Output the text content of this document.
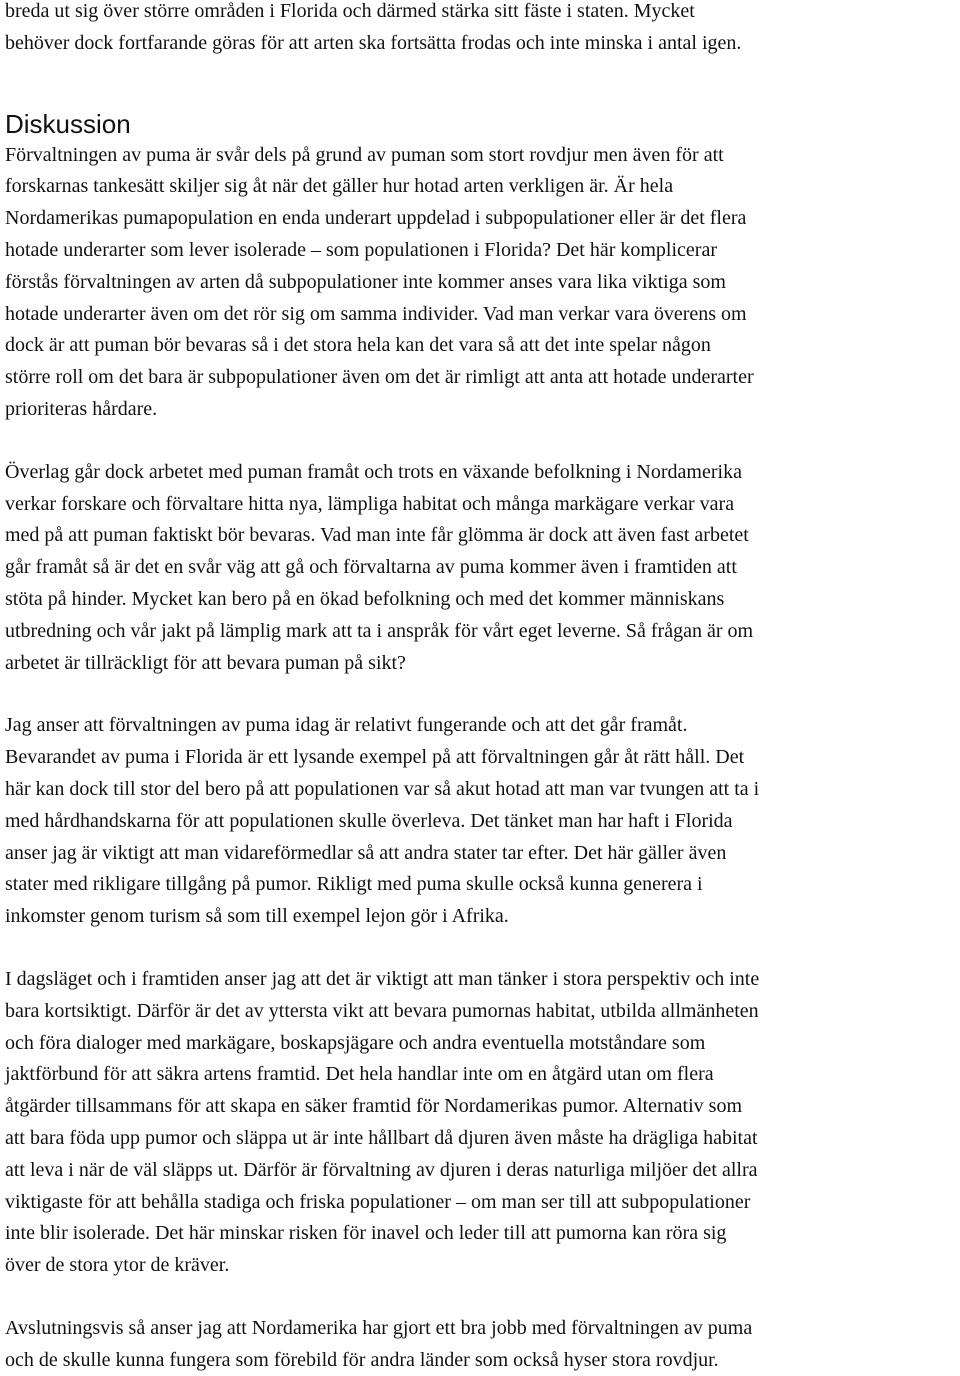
breda ut sig över större områden i Florida och därmed stärka sitt fäste i staten. Mycket
behöver dock fortfarande göras för att arten ska fortsätta frodas och inte minska i antal igen.
Diskussion
Förvaltningen av puma är svår dels på grund av puman som stort rovdjur men även för att
forskarnas tankesätt skiljer sig åt när det gäller hur hotad arten verkligen är. Är hela
Nordamerikas pumapopulation en enda underart uppdelad i subpopulationer eller är det flera
hotade underarter som lever isolerade – som populationen i Florida? Det här komplicerar
förstås förvaltningen av arten då subpopulationer inte kommer anses vara lika viktiga som
hotade underarter även om det rör sig om samma individer. Vad man verkar vara överens om
dock är att puman bör bevaras så i det stora hela kan det vara så att det inte spelar någon
större roll om det bara är subpopulationer även om det är rimligt att anta att hotade underarter
prioriteras hårdare.
Överlag går dock arbetet med puman framåt och trots en växande befolkning i Nordamerika
verkar forskare och förvaltare hitta nya, lämpliga habitat och många markägare verkar vara
med på att puman faktiskt bör bevaras. Vad man inte får glömma är dock att även fast arbetet
går framåt så är det en svår väg att gå och förvaltarna av puma kommer även i framtiden att
stöta på hinder. Mycket kan bero på en ökad befolkning och med det kommer människans
utbredning och vår jakt på lämplig mark att ta i anspråk för vårt eget leverne. Så frågan är om
arbetet är tillräckligt för att bevara puman på sikt?
Jag anser att förvaltningen av puma idag är relativt fungerande och att det går framåt.
Bevarandet av puma i Florida är ett lysande exempel på att förvaltningen går åt rätt håll. Det
här kan dock till stor del bero på att populationen var så akut hotad att man var tvungen att ta i
med hårdhandskarna för att populationen skulle överleva. Det tänket man har haft i Florida
anser jag är viktigt att man vidareförmedlar så att andra stater tar efter. Det här gäller även
stater med rikligare tillgång på pumor. Rikligt med puma skulle också kunna generera i
inkomster genom turism så som till exempel lejon gör i Afrika.
I dagsläget och i framtiden anser jag att det är viktigt att man tänker i stora perspektiv och inte
bara kortsiktigt. Därför är det av yttersta vikt att bevara pumornas habitat, utbilda allmänheten
och föra dialoger med markägare, boskapsjägare och andra eventuella motståndare som
jaktförbund för att säkra artens framtid. Det hela handlar inte om en åtgärd utan om flera
åtgärder tillsammans för att skapa en säker framtid för Nordamerikas pumor. Alternativ som
att bara föda upp pumor och släppa ut är inte hållbart då djuren även måste ha drägliga habitat
att leva i när de väl släpps ut. Därför är förvaltning av djuren i deras naturliga miljöer det allra
viktigaste för att behålla stadiga och friska populationer – om man ser till att subpopulationer
inte blir isolerade. Det här minskar risken för inavel och leder till att pumorna kan röra sig
över de stora ytor de kräver.
Avslutningsvis så anser jag att Nordamerika har gjort ett bra jobb med förvaltningen av puma
och de skulle kunna fungera som förebild för andra länder som också hyser stora rovdjur.
